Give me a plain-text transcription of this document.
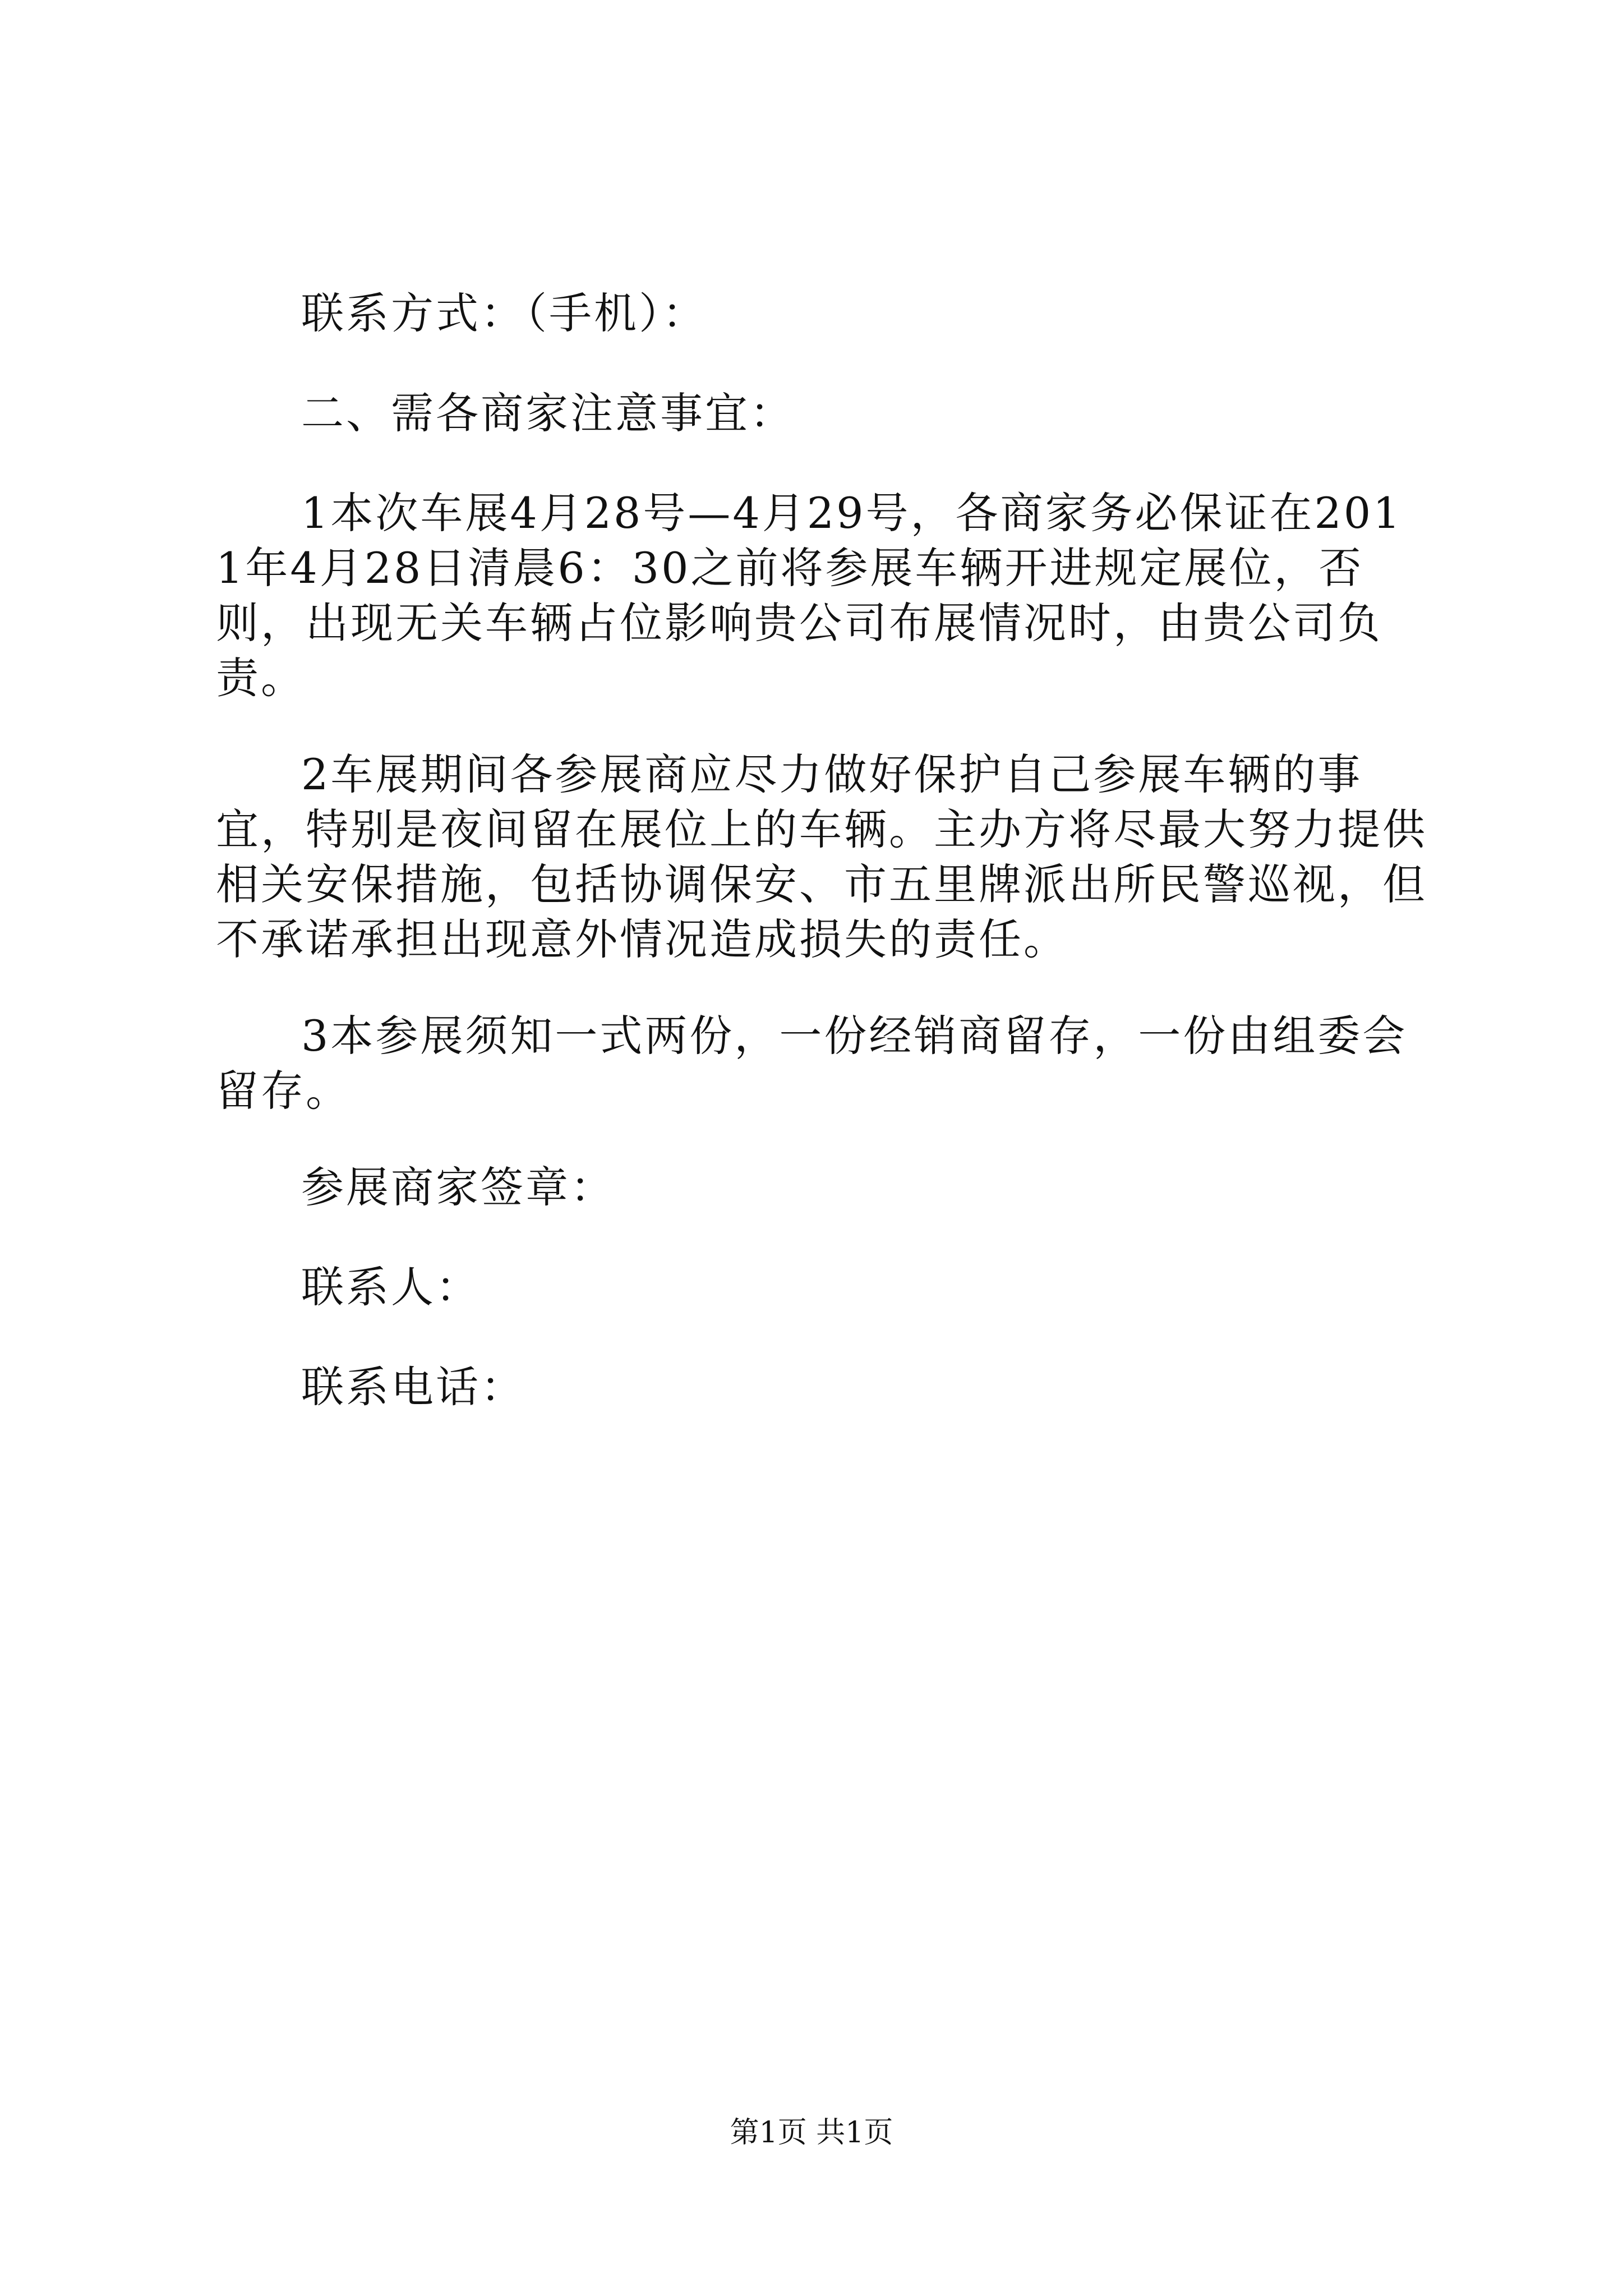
联系方式：（手机）：

二、需各商家注意事宜：

1本次车展4月28号—4月29号，各商家务必保证在2011年4月28日清晨6：30之前将参展车辆开进规定展位，否则，出现无关车辆占位影响贵公司布展情况时，由贵公司负责。

2车展期间各参展商应尽力做好保护自己参展车辆的事宜，特别是夜间留在展位上的车辆。主办方将尽最大努力提供相关安保措施，包括协调保安、市五里牌派出所民警巡视，但不承诺承担出现意外情况造成损失的责任。

3本参展须知一式两份，一份经销商留存，一份由组委会留存。

参展商家签章：

联系人：

联系电话：

第1页 共1页
